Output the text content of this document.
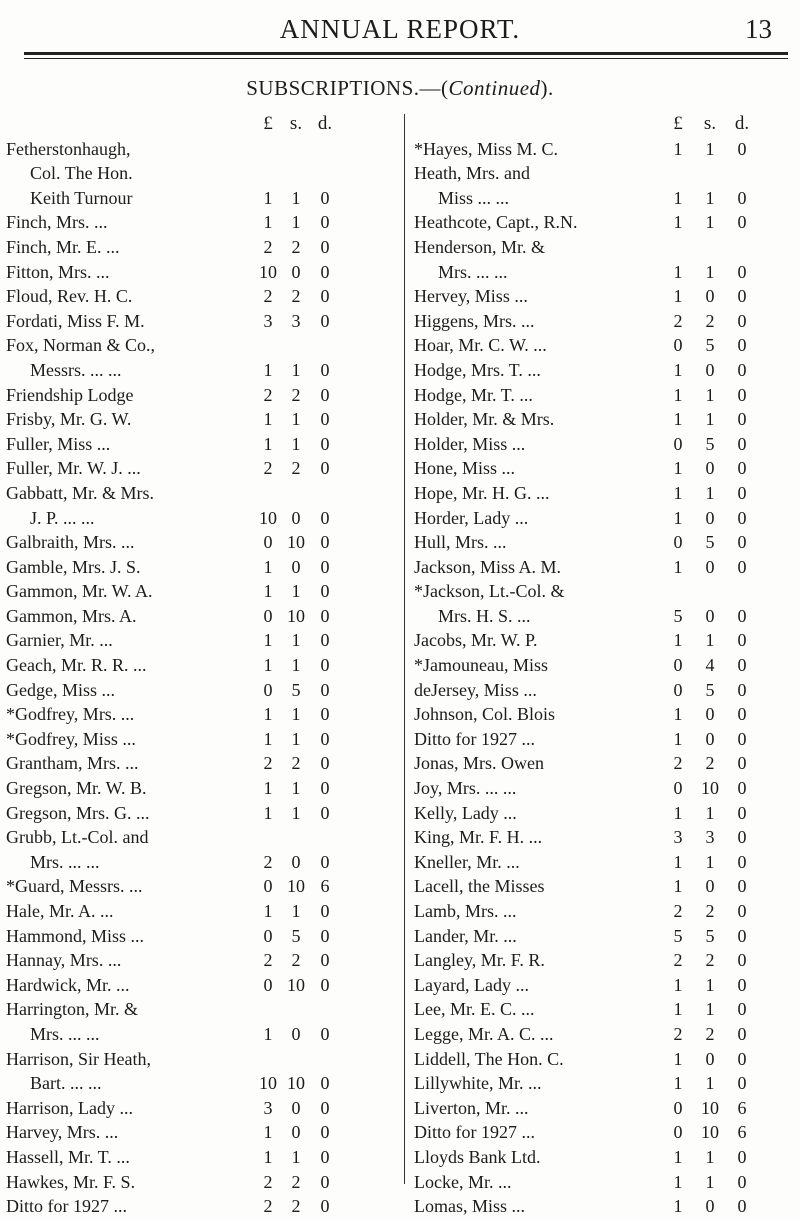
ANNUAL REPORT.	13
SUBSCRIPTIONS.—(Continued).
£ s. d.
Fetherstonhaugh,
Col. The Hon.
Keith Turnour	1	1	0
Finch, Mrs. ...	1	1	0
Finch, Mr. E. ...	2	2	0
Fitton, Mrs. ...	10 0	0
Floud, Rev. H. C.	2	2	0
Fordati, Miss F. M.	3	3	0
Fox, Norman & Co.,
Messrs. ... ...	1	1	0
Friendship Lodge	2	2	0
Frisby, Mr. G. W.	1	1	0
Fuller, Miss ...	1	1	0
Fuller, Mr. W. J. ...	2	2	0
Gabbatt, Mr. & Mrs.
J. P. ... ...	10 0	0
Galbraith, Mrs. ...	0 10 0
Gamble, Mrs. J. S.	1	0	0
Gammon, Mr. W. A.	1	1	0
Gammon, Mrs. A.	0 10 0
Garnier, Mr. ...	1	1	0
Geach, Mr. R. R. ...	1	1	0
Gedge, Miss ...	0	5	0
*Godfrey, Mrs. ...	1	1	0
*Godfrey, Miss ...	1	1	0
Grantham, Mrs. ...	2	2	0
Gregson, Mr. W. B.	1	1	0
Gregson, Mrs. G. ...	1	1	0
Grubb, Lt.-Col. and
Mrs. ... ...	2	0	0
*Guard, Messrs. ...	0 10 6
Hale, Mr. A. ...	1	1	0
Hammond, Miss ...	0	5	0
Hannay, Mrs. ...	2	2	0
Hardwick, Mr. ...	0 10 0
Harrington, Mr. &
Mrs. ... ...	1	0	0
Harrison, Sir Heath,
Bart. ... ...	10 10 0
Harrison, Lady ...	3	0	0
Harvey, Mrs. ...	1	0	0
Hassell, Mr. T. ...	1	1	0
Hawkes, Mr. F. S.	2	2	0
Ditto for 1927 ...	2	2	0
£	s. d.
*Hayes, Miss M. C.	1	1	0
Heath, Mrs. and
Miss ... ...	1	1	0
Heathcote, Capt., R.N.	1	1	0
Henderson, Mr. &
Mrs. ... ...	1	1	0
Hervey, Miss ...	1	0	0
Higgens, Mrs. ...	2	2	0
Hoar, Mr. C. W. ...	0	5	0
Hodge, Mrs. T. ...	1	0	0
Hodge, Mr. T. ...	1	1	0
Holder, Mr. & Mrs.	1	1	0
Holder, Miss ...	0	5	0
Hone, Miss ...	1	0	0
Hope, Mr. H. G. ...	1	1	0
Horder, Lady ...	1	0	0
Hull, Mrs. ...	0	5	0
Jackson, Miss A. M.	1	0	0
*Jackson, Lt.-Col. &
Mrs. H. S. ...	5	0	0
Jacobs, Mr. W. P.	1	1	0
*Jamouneau, Miss	0	4	0
deJersey, Miss ...	0	5	0
Johnson, Col. Blois	1	0	0
Ditto for 1927 ...	1	0	0
Jonas, Mrs. Owen	2	2	0
Joy, Mrs. ... ...	0	10	0
Kelly, Lady ...	1	1	0
King, Mr. F. H. ...	3	3	0
Kneller, Mr. ...	1	1	0
Lacell, the Misses	1	0	0
Lamb, Mrs. ...	2	2	0
Lander, Mr. ...	5	5	0
Langley, Mr. F. R.	2	2	0
Layard, Lady ...	1	1	0
Lee, Mr. E. C. ...	1	1	0
Legge, Mr. A. C. ...	2	2	0
Liddell, The Hon. C.	1	0	0
Lillywhite, Mr. ...	1	1	0
Liverton, Mr. ...	0	10	6
Ditto for 1927 ...	0	10	6
Lloyds Bank Ltd.	1	1	0
Locke, Mr. ...	1	1	0
Lomas, Miss ...	1	0	0
